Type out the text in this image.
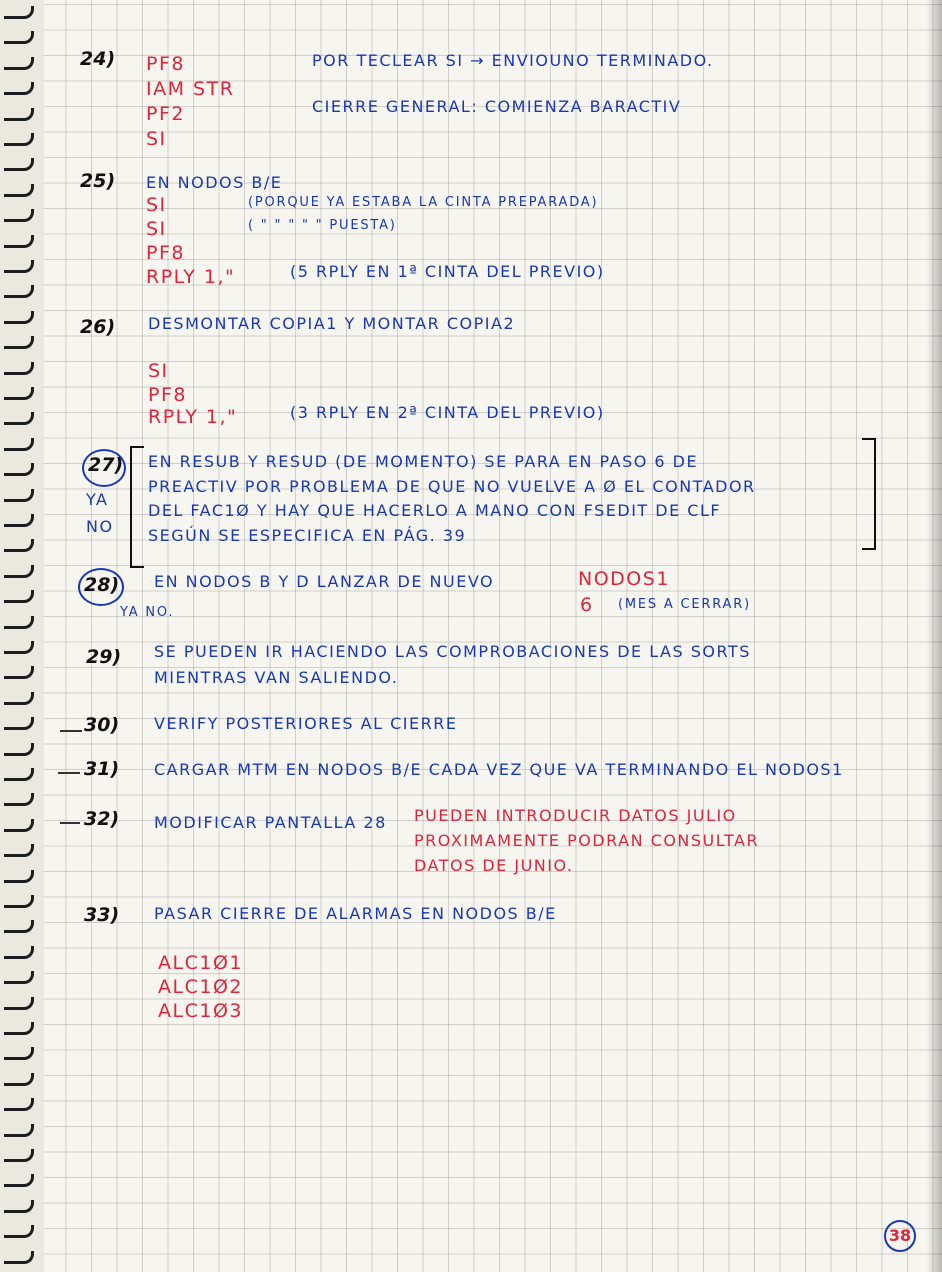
24) PF8
IAM STR
PF2
SI
POR TECLEAR SI → ENVIOUNO TERMINADO.
CIERRE GENERAL: COMIENZA BARACTIV
25) EN NODOS B/E
SI
SI
PF8
RPLY 1,"
(PORQUE YA ESTABA LA CINTA PREPARADA)
( " " " " " PUESTA)
(5 RPLY EN 1ª CINTA DEL PREVIO)
26) DESMONTAR COPIA1 Y MONTAR COPIA2
SI
PF8
RPLY 1,"	(3 RPLY EN 2ª CINTA DEL PREVIO)
27)
YA
NO
EN RESUB Y RESUD (DE MOMENTO) SE PARA EN PASO 6 DE
PREACTIV POR PROBLEMA DE QUE NO VUELVE A Ø EL CONTADOR
DEL FAC1Ø Y HAY QUE HACERLO A MANO CON FSEDIT DE CLF
SEGÚN SE ESPECIFICA EN PÁG. 39
28)
YA NO.
EN NODOS B Y D LANZAR DE NUEVO	NODOS1
6 (MES A CERRAR)
29) SE PUEDEN IR HACIENDO LAS COMPROBACIONES DE LAS SORTS
MIENTRAS VAN SALIENDO.
30) VERIFY POSTERIORES AL CIERRE
31) CARGAR MTM EN NODOS B/E CADA VEZ QUE VA TERMINANDO EL NODOS1
32) MODIFICAR PANTALLA 28 PUEDEN INTRODUCIR DATOS JULIO
PROXIMAMENTE PODRAN CONSULTAR
DATOS DE JUNIO.
33) PASAR CIERRE DE ALARMAS EN NODOS B/E
ALC1Ø1
ALC1Ø2
ALC1Ø3
38
